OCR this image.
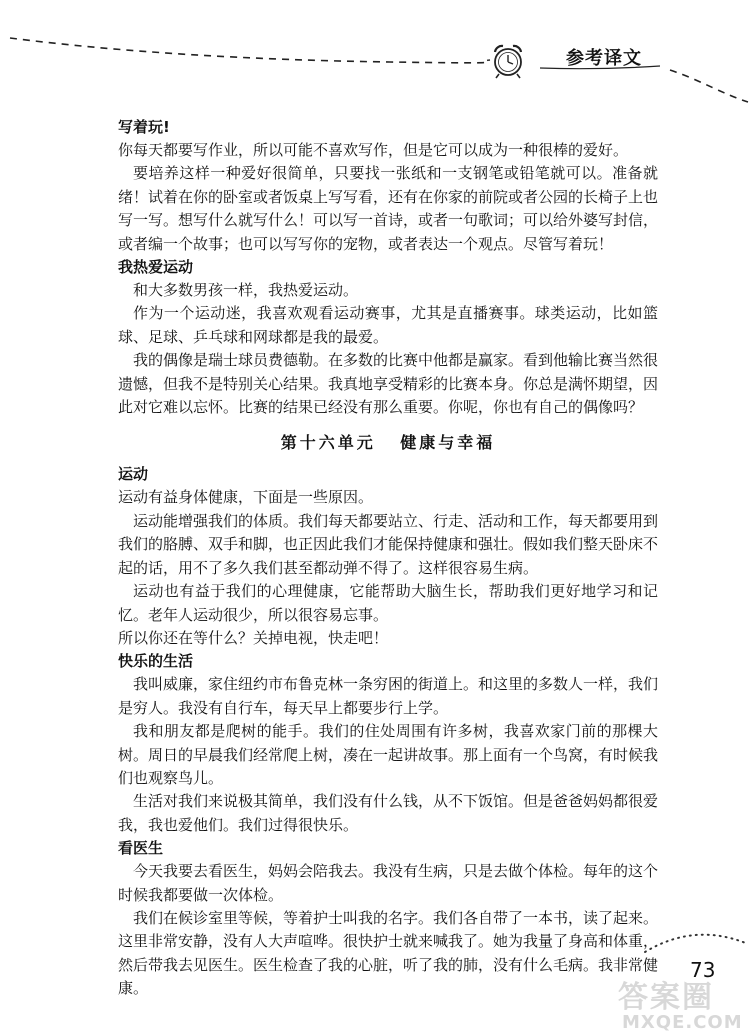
参考译文
写着玩!

你每天都要写作业，所以可能不喜欢写作，但是它可以成为一种很棒的爱好。

要培养这样一种爱好很简单，只要找一张纸和一支钢笔或铅笔就可以。准备就绪！试着在你的卧室或者饭桌上写写看，还有在你家的前院或者公园的长椅子上也写一写。想写什么就写什么！可以写一首诗，或者一句歌词；可以给外婆写封信，或者编一个故事；也可以写写你的宠物，或者表达一个观点。尽管写着玩！

我热爱运动

和大多数男孩一样，我热爱运动。

作为一个运动迷，我喜欢观看运动赛事，尤其是直播赛事。球类运动，比如篮球、足球、乒乓球和网球都是我的最爱。

我的偶像是瑞士球员费德勒。在多数的比赛中他都是赢家。看到他输比赛当然很遗憾，但我不是特别关心结果。我真地享受精彩的比赛本身。你总是满怀期望，因此对它难以忘怀。比赛的结果已经没有那么重要。你呢，你也有自己的偶像吗？

第十六单元 健康与幸福
运动

运动有益身体健康，下面是一些原因。

运动能增强我们的体质。我们每天都要站立、行走、活动和工作，每天都要用到我们的胳膊、双手和脚，也正因此我们才能保持健康和强壮。假如我们整天卧床不起的话，用不了多久我们甚至都动弹不得了。这样很容易生病。

运动也有益于我们的心理健康，它能帮助大脑生长，帮助我们更好地学习和记忆。老年人运动很少，所以很容易忘事。

所以你还在等什么？关掉电视，快走吧！

快乐的生活

我叫威廉，家住纽约市布鲁克林一条穷困的街道上。和这里的多数人一样，我们是穷人。我没有自行车，每天早上都要步行上学。

我和朋友都是爬树的能手。我们的住处周围有许多树，我喜欢家门前的那棵大树。周日的早晨我们经常爬上树，凑在一起讲故事。那上面有一个鸟窝，有时候我们也观察鸟儿。

生活对我们来说极其简单，我们没有什么钱，从不下饭馆。但是爸爸妈妈都很爱我，我也爱他们。我们过得很快乐。

看医生

今天我要去看医生，妈妈会陪我去。我没有生病，只是去做个体检。每年的这个时候我都要做一次体检。

我们在候诊室里等候，等着护士叫我的名字。我们各自带了一本书，读了起来。这里非常安静，没有人大声喧哗。很快护士就来喊我了。她为我量了身高和体重，然后带我去见医生。医生检查了我的心脏，听了我的肺，没有什么毛病。我非常健康。

73
答案圈
MXQE.COM
